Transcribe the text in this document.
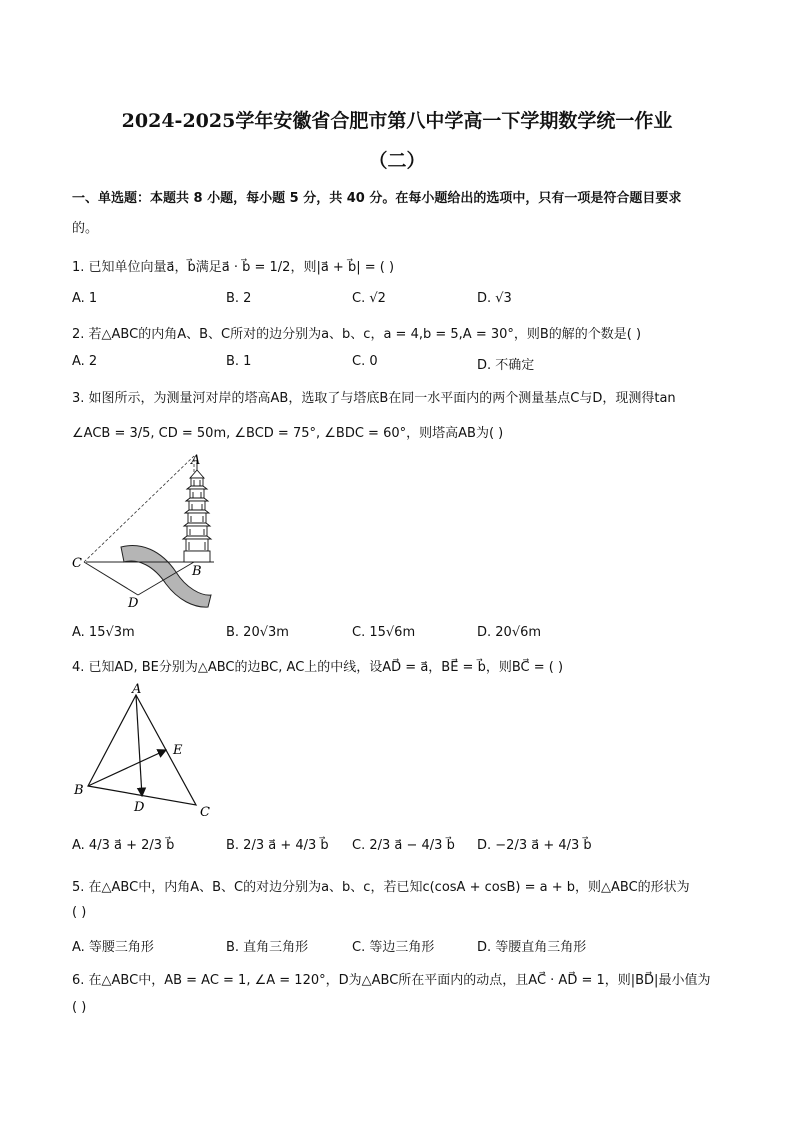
2024-2025学年安徽省合肥市第八中学高一下学期数学统一作业
（二）
一、单选题：本题共 8 小题，每小题 5 分，共 40 分。在每小题给出的选项中，只有一项是符合题目要求
的。
1. 已知单位向量a⃗，b⃗满足a⃗ · b⃗ = 1/2，则|a⃗ + b⃗| = ( )
A. 1	B. 2	C. √2	D. √3
2. 若△ABC的内角A、B、C所对的边分别为a、b、c，a = 4,b = 5,A = 30°，则B的解的个数是( )
A. 2	B. 1	C. 0	D. 不确定
3. 如图所示，为测量河对岸的塔高AB，选取了与塔底B在同一水平面内的两个测量基点C与D，现测得tan
∠ACB = 3/5, CD = 50m, ∠BCD = 75°, ∠BDC = 60°，则塔高AB为( )
A
B
C
D
A. 15√3m	B. 20√3m	C. 15√6m	D. 20√6m
4. 已知AD, BE分别为△ABC的边BC, AC上的中线，设AD⃗ = a⃗，BE⃗ = b⃗，则BC⃗ = ( )
A
B
C
D
E
A. 4/3 a⃗ + 2/3 b⃗	B. 2/3 a⃗ + 4/3 b⃗ C. 2/3 a⃗ − 4/3 b⃗ D. −2/3 a⃗ + 4/3 b⃗
5. 在△ABC中，内角A、B、C的对边分别为a、b、c，若已知c(cosA + cosB) = a + b，则△ABC的形状为
( )
A. 等腰三角形	B. 直角三角形	C. 等边三角形	D. 等腰直角三角形
6. 在△ABC中，AB = AC = 1, ∠A = 120°，D为△ABC所在平面内的动点，且AC⃗ · AD⃗ = 1，则|BD⃗|最小值为
( )
